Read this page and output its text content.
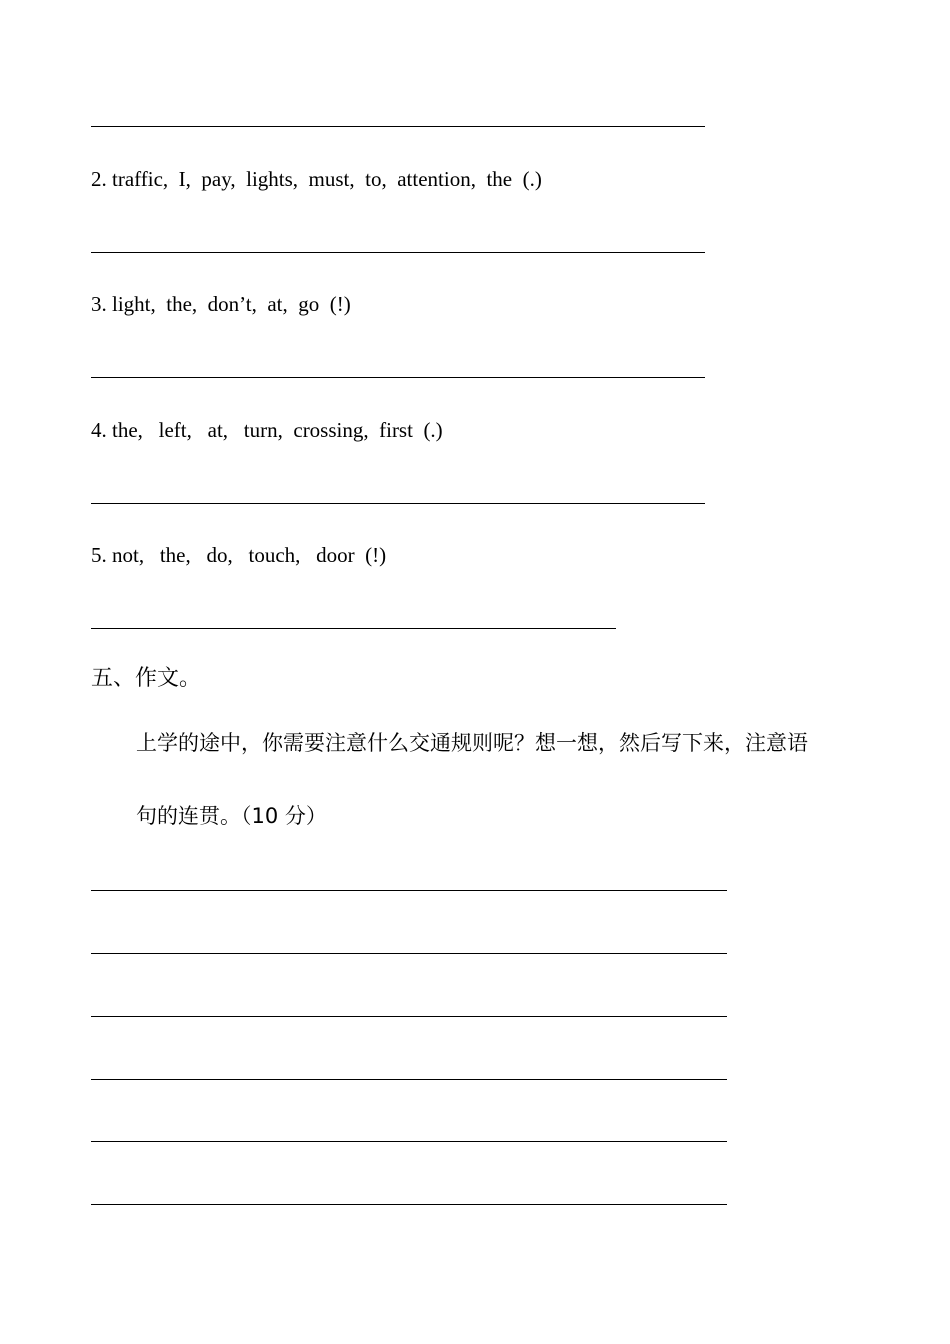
2. traffic,  I,  pay,  lights,  must,  to,  attention,  the  (.)
3. light,  the,  don’t,  at,  go  (!)
4. the,   left,   at,   turn,  crossing,  first  (.)
5. not,   the,   do,   touch,   door  (!)
五、作文。
上学的途中，你需要注意什么交通规则呢？想一想，然后写下来，注意语
句的连贯。（10 分）
